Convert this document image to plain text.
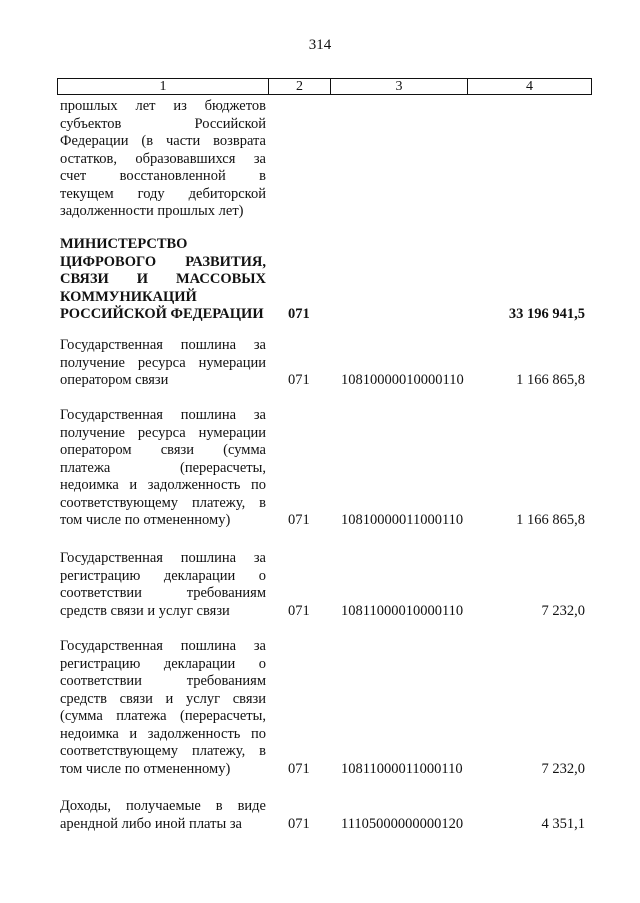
314
1	2	3	4
прошлых лет из бюджетов
субъектов Российской
Федерации (в части возврата
остатков, образовавшихся за
счет восстановленной в
текущем году дебиторской
задолженности прошлых лет)
МИНИСТЕРСТВО
ЦИФРОВОГО РАЗВИТИЯ,
СВЯЗИ И МАССОВЫХ
КОММУНИКАЦИЙ
РОССИЙСКОЙ ФЕДЕРАЦИИ 071	33 196 941,5
Государственная пошлина за
получение ресурса нумерации
оператором связи	071 10810000010000110	1 166 865,8
Государственная пошлина за
получение ресурса нумерации
оператором связи (сумма
платежа (перерасчеты,
недоимка и задолженность по
соответствующему платежу, в
том числе по отмененному)	071 10810000011000110	1 166 865,8
Государственная пошлина за
регистрацию декларации о
соответствии требованиям
средств связи и услуг связи	071 10811000010000110	7 232,0
Государственная пошлина за
регистрацию декларации о
соответствии требованиям
средств связи и услуг связи
(сумма платежа (перерасчеты,
недоимка и задолженность по
соответствующему платежу, в
том числе по отмененному)	071 10811000011000110	7 232,0
Доходы, получаемые в виде
арендной либо иной платы за	071 11105000000000120	4 351,1
